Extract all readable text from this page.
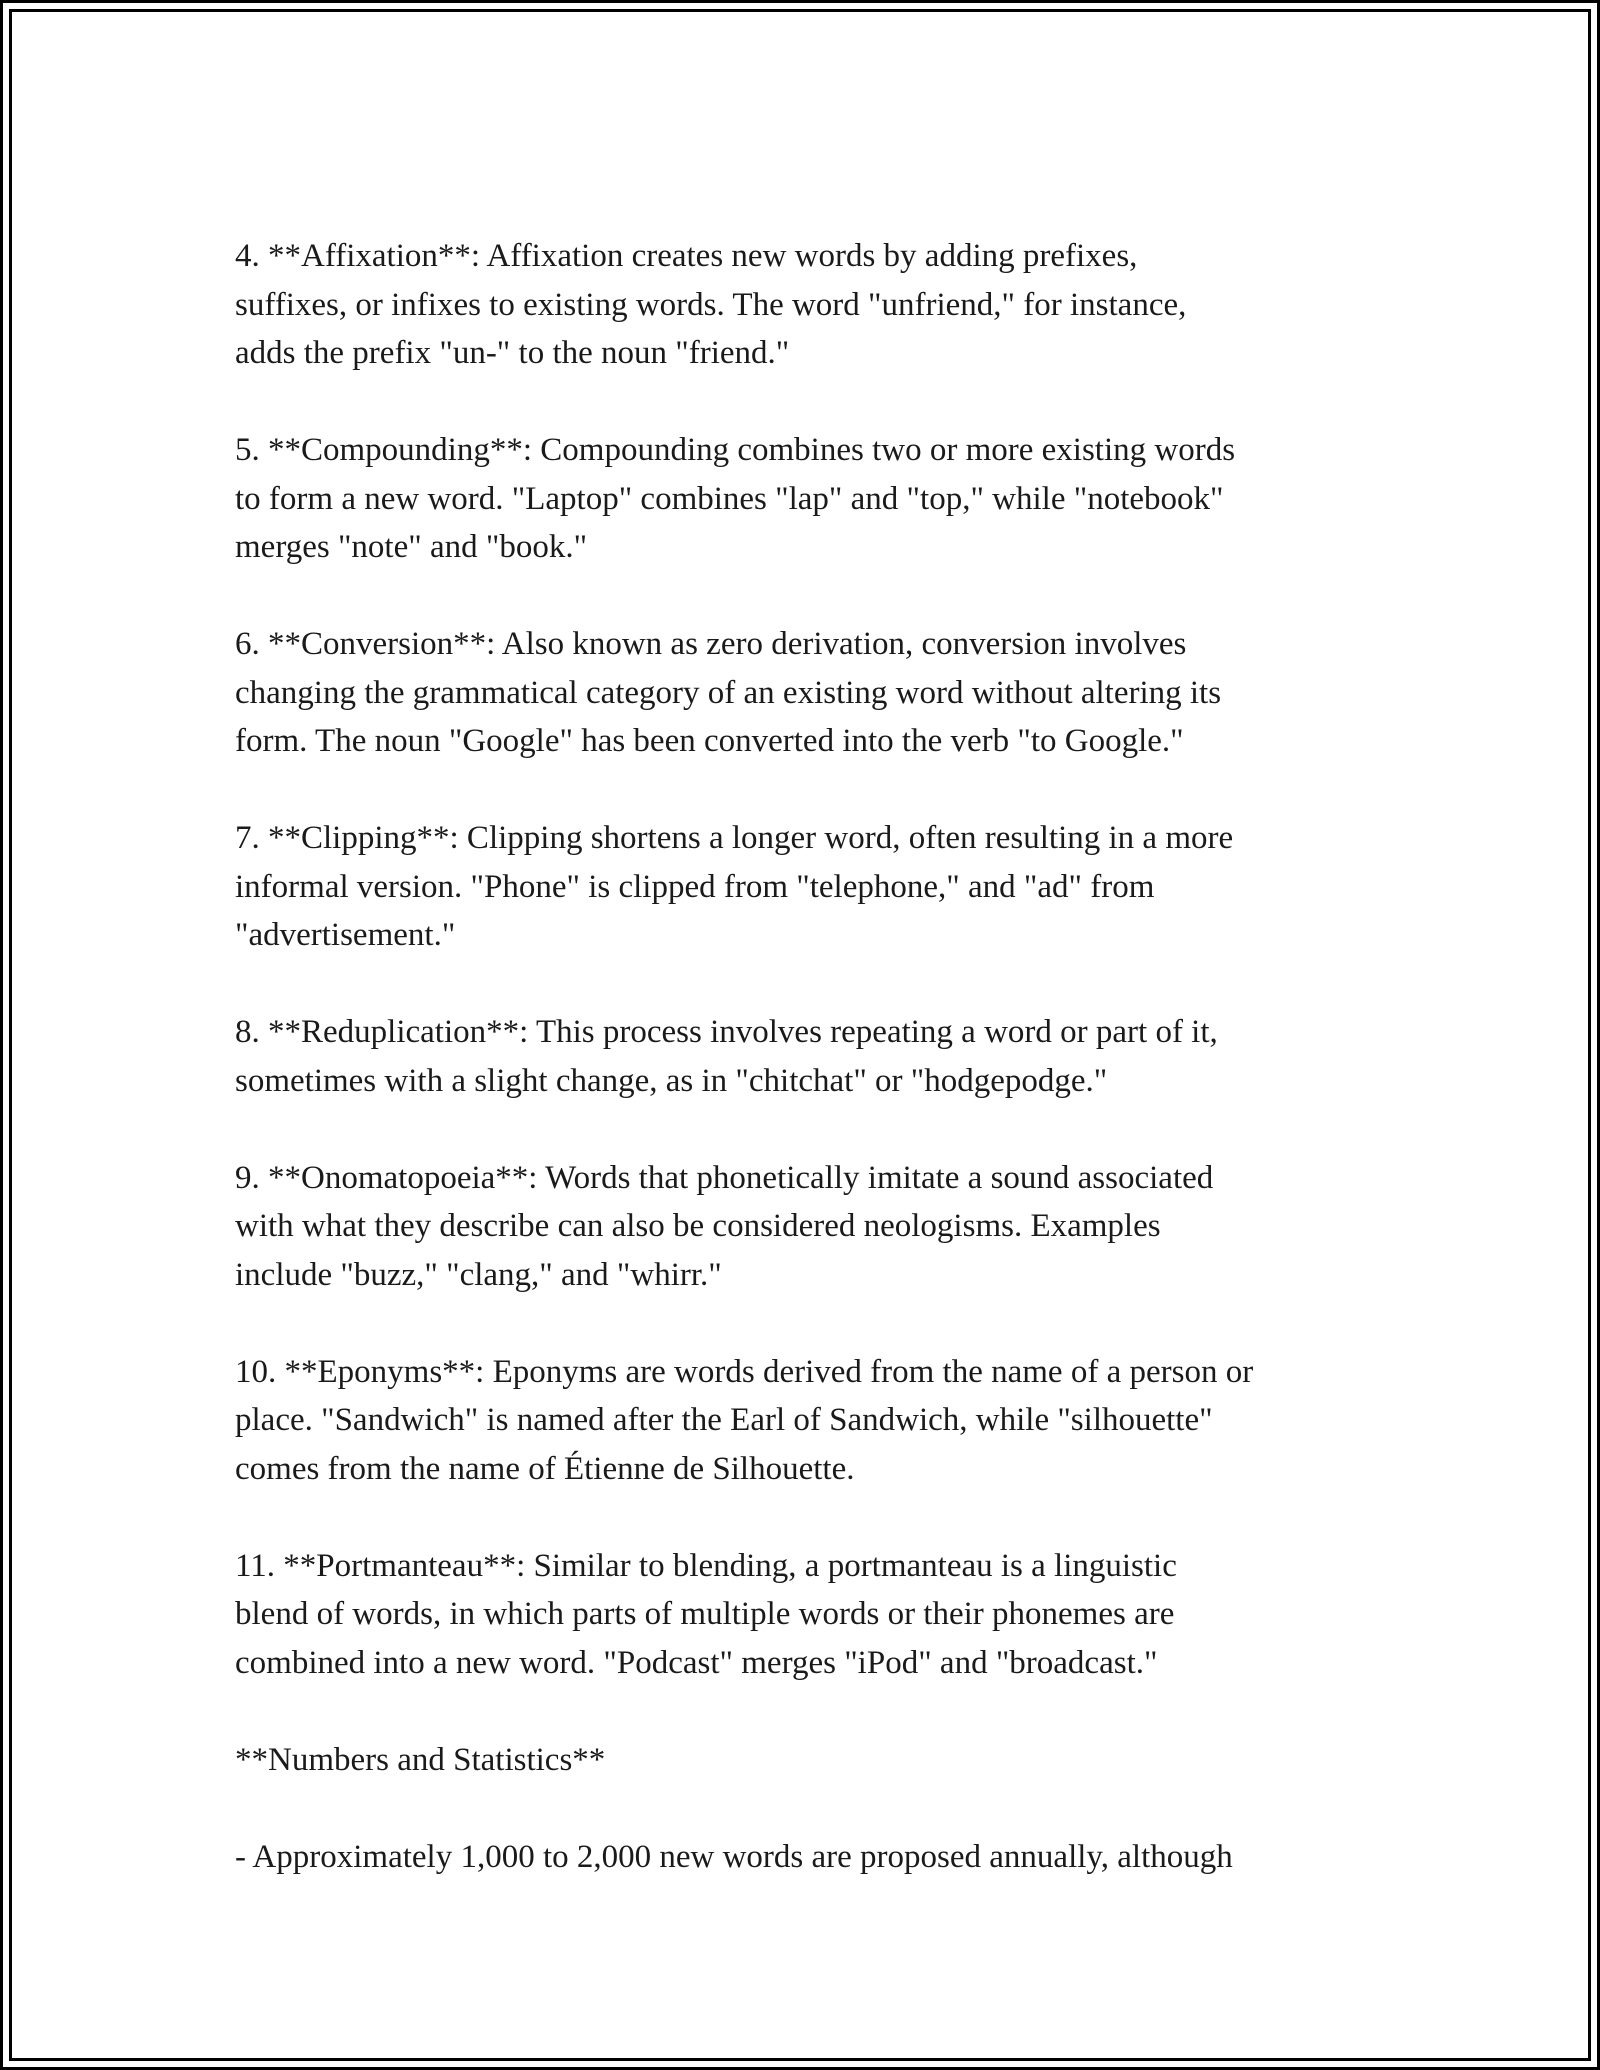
4. **Affixation**: Affixation creates new words by adding prefixes,
suffixes, or infixes to existing words. The word "unfriend," for instance,
adds the prefix "un-" to the noun "friend."

5. **Compounding**: Compounding combines two or more existing words
to form a new word. "Laptop" combines "lap" and "top," while "notebook"
merges "note" and "book."

6. **Conversion**: Also known as zero derivation, conversion involves
changing the grammatical category of an existing word without altering its
form. The noun "Google" has been converted into the verb "to Google."

7. **Clipping**: Clipping shortens a longer word, often resulting in a more
informal version. "Phone" is clipped from "telephone," and "ad" from
"advertisement."

8. **Reduplication**: This process involves repeating a word or part of it,
sometimes with a slight change, as in "chitchat" or "hodgepodge."

9. **Onomatopoeia**: Words that phonetically imitate a sound associated
with what they describe can also be considered neologisms. Examples
include "buzz," "clang," and "whirr."

10. **Eponyms**: Eponyms are words derived from the name of a person or
place. "Sandwich" is named after the Earl of Sandwich, while "silhouette"
comes from the name of Étienne de Silhouette.

11. **Portmanteau**: Similar to blending, a portmanteau is a linguistic
blend of words, in which parts of multiple words or their phonemes are
combined into a new word. "Podcast" merges "iPod" and "broadcast."

**Numbers and Statistics**

- Approximately 1,000 to 2,000 new words are proposed annually, although
